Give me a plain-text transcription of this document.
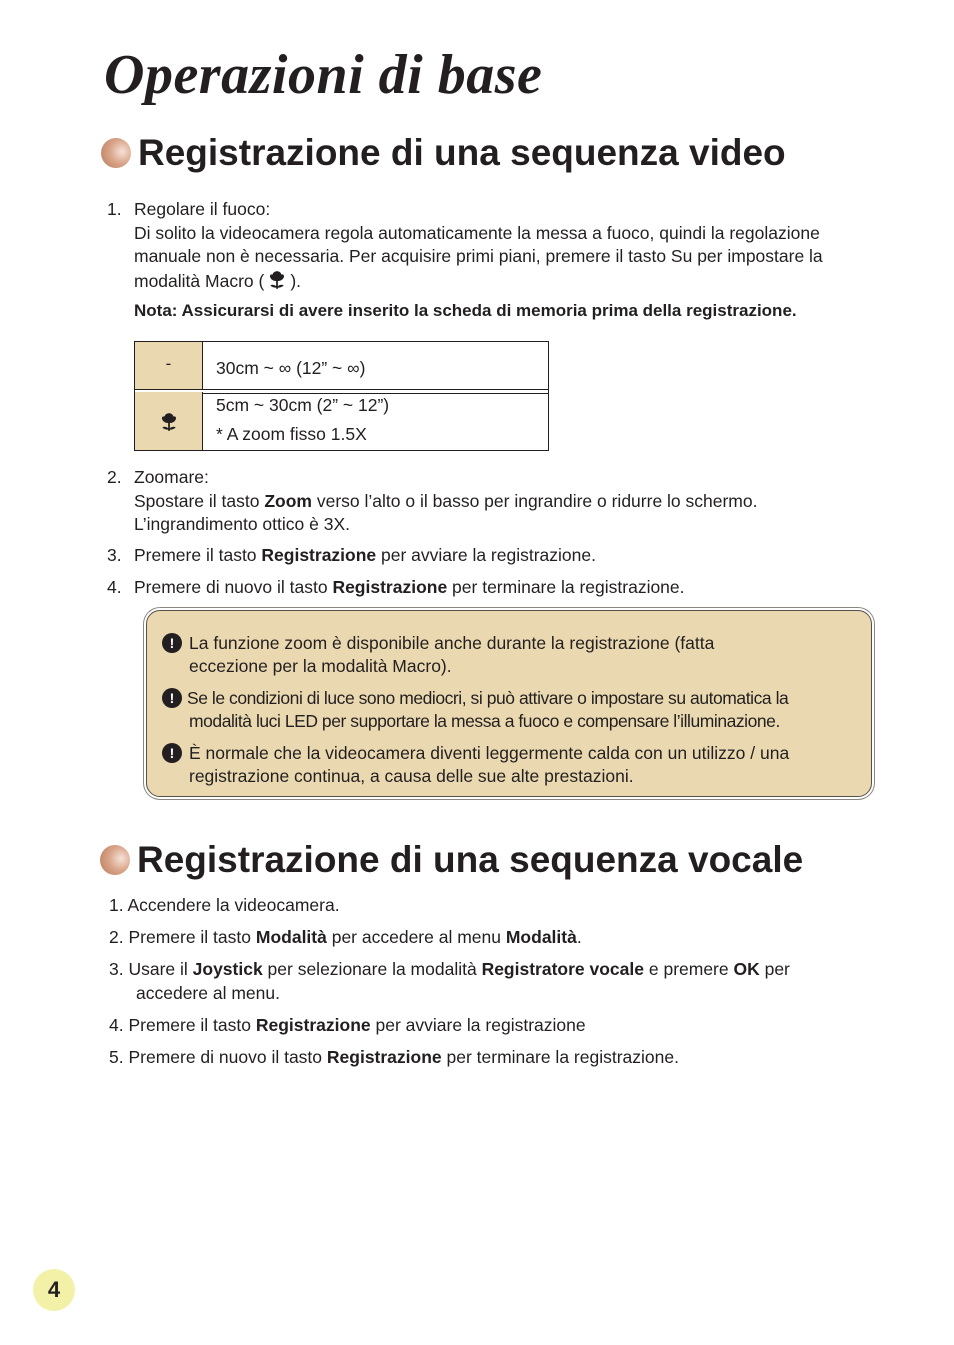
Operazioni di base
Registrazione di una sequenza video
1. Regolare il fuoco:
Di solito la videocamera regola automaticamente la messa a fuoco, quindi la regolazione
manuale non è necessaria. Per acquisire primi piani, premere il tasto Su per impostare la
modalità Macro ( ).
Nota: Assicurarsi di avere inserito la scheda di memoria prima della registrazione.
-	30cm ~ ∞ (12” ~ ∞)
5cm ~ 30cm (2” ~ 12”)
* A zoom fisso 1.5X
2. Zoomare:
Spostare il tasto Zoom verso l’alto o il basso per ingrandire o ridurre lo schermo.
L’ingrandimento ottico è 3X.
3. Premere il tasto Registrazione per avviare la registrazione.
4. Premere di nuovo il tasto Registrazione per terminare la registrazione.
! La funzione zoom è disponibile anche durante la registrazione (fatta
eccezione per la modalità Macro).
! Se le condizioni di luce sono mediocri, si può attivare o impostare su automatica la
modalità luci LED per supportare la messa a fuoco e compensare l’illuminazione.
! È normale che la videocamera diventi leggermente calda con un utilizzo / una
registrazione continua, a causa delle sue alte prestazioni.
Registrazione di una sequenza vocale
1. Accendere la videocamera.
2. Premere il tasto Modalità per accedere al menu Modalità.
3. Usare il Joystick per selezionare la modalità Registratore vocale e premere OK per
accedere al menu.
4. Premere il tasto Registrazione per avviare la registrazione
5. Premere di nuovo il tasto Registrazione per terminare la registrazione.
4
